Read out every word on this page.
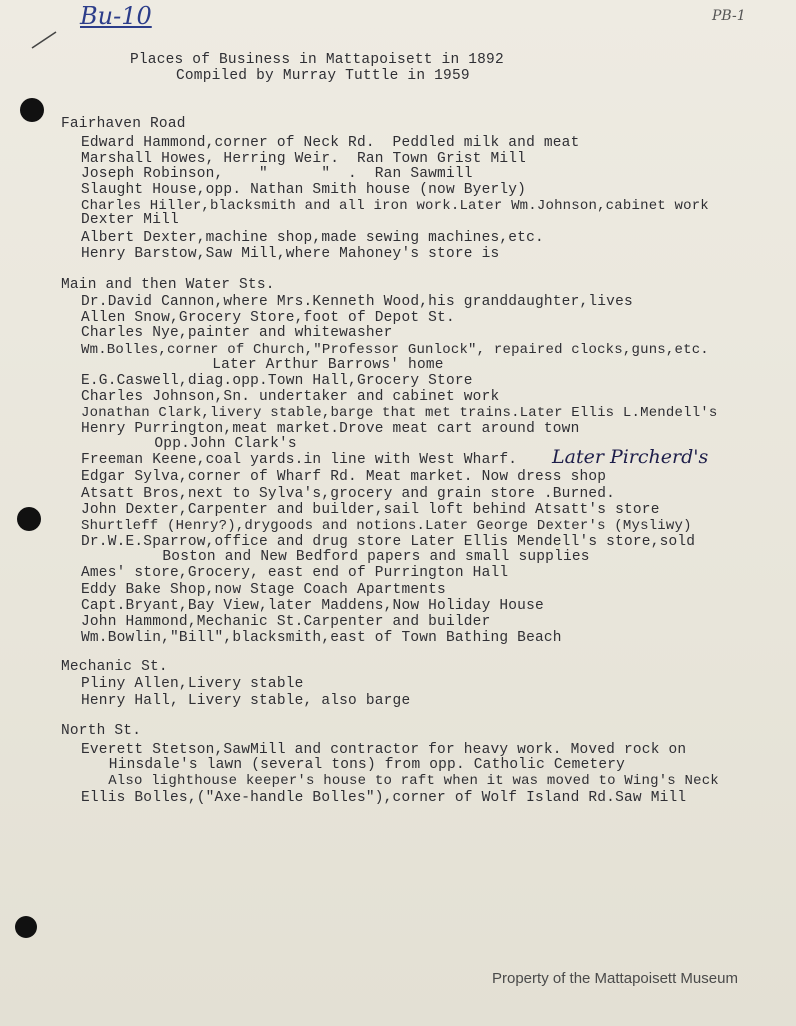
Bu-10	PB-1
Places of Business in Mattapoisett in 1892
Compiled by Murray Tuttle in 1959
Fairhaven Road
Edward Hammond,corner of Neck Rd.  Peddled milk and meat
Marshall Howes, Herring Weir.  Ran Town Grist Mill
Joseph Robinson,    "      "  .  Ran Sawmill
Slaught House,opp. Nathan Smith house (now Byerly)
Charles Hiller,blacksmith and all iron work.Later Wm.Johnson,cabinet work
Dexter Mill
Albert Dexter,machine shop,made sewing machines,etc.
Henry Barstow,Saw Mill,where Mahoney's store is
Main and then Water Sts.
Dr.David Cannon,where Mrs.Kenneth Wood,his granddaughter,lives
Allen Snow,Grocery Store,foot of Depot St.
Charles Nye,painter and whitewasher
Wm.Bolles,corner of Church,"Professor Gunlock", repaired clocks,guns,etc.
Later Arthur Barrows' home
E.G.Caswell,diag.opp.Town Hall,Grocery Store
Charles Johnson,Sn. undertaker and cabinet work
Jonathan Clark,livery stable,barge that met trains.Later Ellis L.Mendell's
Henry Purrington,meat market.Drove meat cart around town
Opp.John Clark's
Freeman Keene,coal yards.in line with West Wharf. Later Pircherd's
Edgar Sylva,corner of Wharf Rd. Meat market. Now dress shop
Atsatt Bros,next to Sylva's,grocery and grain store .Burned.
John Dexter,Carpenter and builder,sail loft behind Atsatt's store
Shurtleff (Henry?),drygoods and notions.Later George Dexter's (Mysliwy)
Dr.W.E.Sparrow,office and drug store Later Ellis Mendell's store,sold
Boston and New Bedford papers and small supplies
Ames' store,Grocery, east end of Purrington Hall
Eddy Bake Shop,now Stage Coach Apartments
Capt.Bryant,Bay View,later Maddens,Now Holiday House
John Hammond,Mechanic St.Carpenter and builder
Wm.Bowlin,"Bill",blacksmith,east of Town Bathing Beach
Mechanic St.
Pliny Allen,Livery stable
Henry Hall, Livery stable, also barge
North St.
Everett Stetson,SawMill and contractor for heavy work. Moved rock on
Hinsdale's lawn (several tons) from opp. Catholic Cemetery
Also lighthouse keeper's house to raft when it was moved to Wing's Neck
Ellis Bolles,("Axe-handle Bolles"),corner of Wolf Island Rd.Saw Mill
Property of the Mattapoisett Museum
